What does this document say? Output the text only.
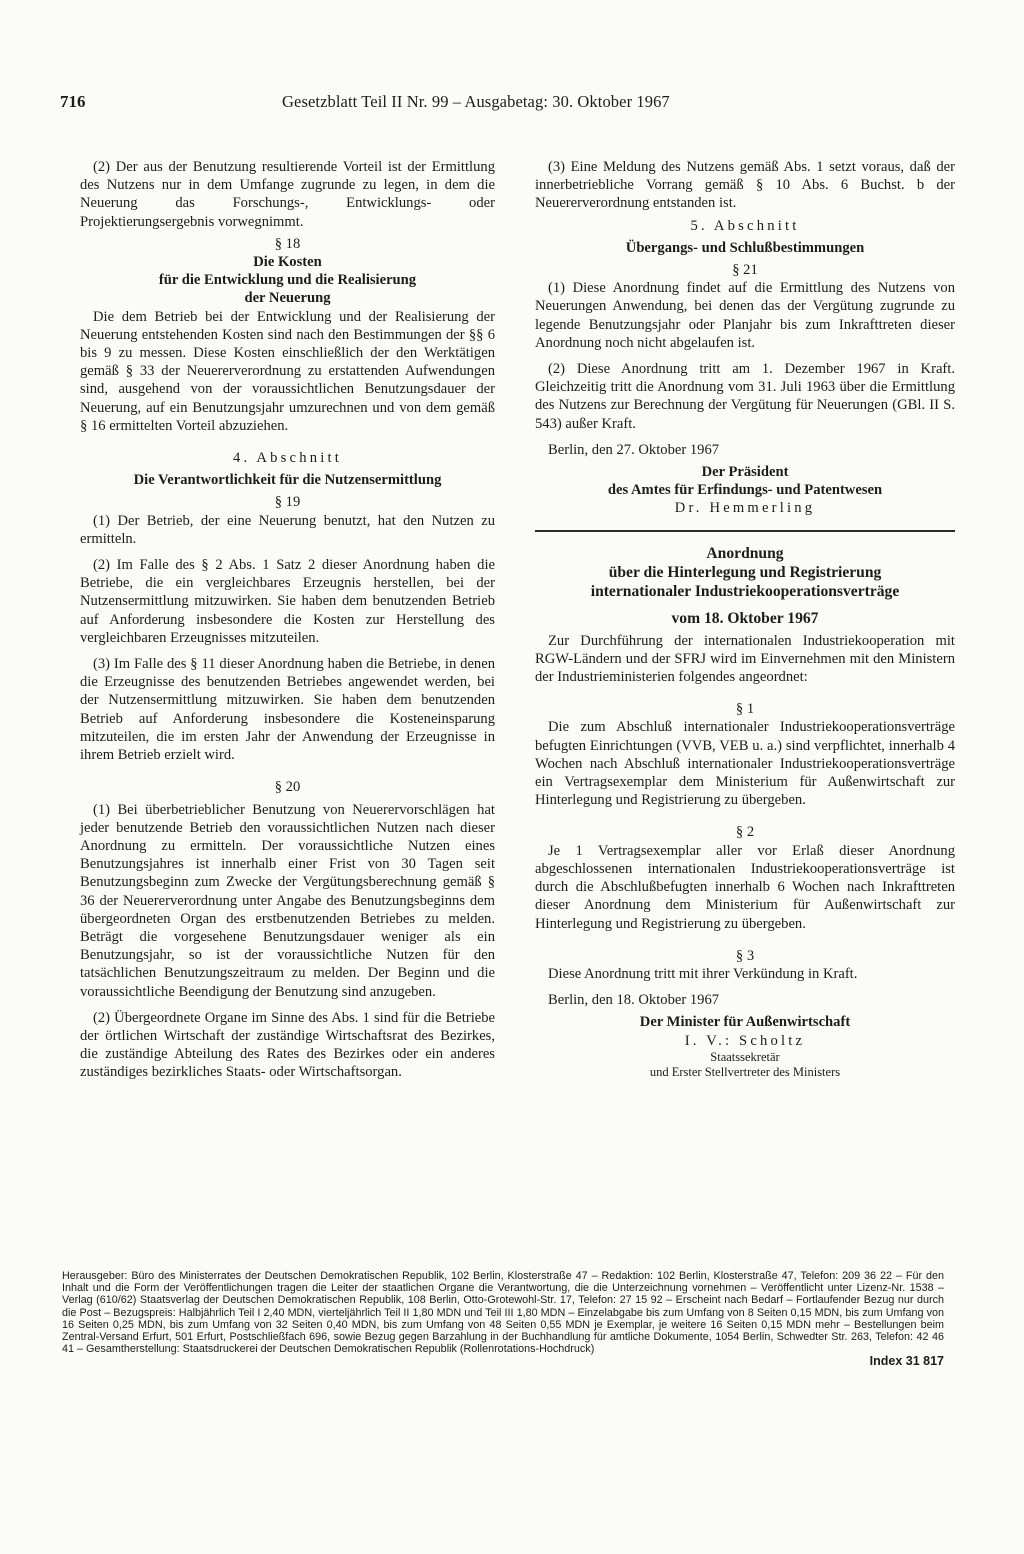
716	Gesetzblatt Teil II Nr. 99 – Ausgabetag: 30. Oktober 1967

(2) Der aus der Benutzung resultierende Vorteil ist der Ermittlung des Nutzens nur in dem Umfange zugrunde zu legen, in dem die Neuerung das Forschungs-, Entwicklungs- oder Projektierungsergebnis vorwegnimmt.

§ 18
Die Kosten
für die Entwicklung und die Realisierung
der Neuerung

Die dem Betrieb bei der Entwicklung und der Realisierung der Neuerung entstehenden Kosten sind nach den Bestimmungen der §§ 6 bis 9 zu messen. Diese Kosten einschließlich der den Werktätigen gemäß § 33 der Neuererverordnung zu erstattenden Aufwendungen sind, ausgehend von der voraussichtlichen Benutzungsdauer der Neuerung, auf ein Benutzungsjahr umzurechnen und von dem gemäß § 16 ermittelten Vorteil abzuziehen.

4. Abschnitt
Die Verantwortlichkeit für die Nutzensermittlung
§ 19

(1) Der Betrieb, der eine Neuerung benutzt, hat den Nutzen zu ermitteln.

(2) Im Falle des § 2 Abs. 1 Satz 2 dieser Anordnung haben die Betriebe, die ein vergleichbares Erzeugnis herstellen, bei der Nutzensermittlung mitzuwirken. Sie haben dem benutzenden Betrieb auf Anforderung insbesondere die Kosten zur Herstellung des vergleichbaren Erzeugnisses mitzuteilen.

(3) Im Falle des § 11 dieser Anordnung haben die Betriebe, in denen die Erzeugnisse des benutzenden Betriebes angewendet werden, bei der Nutzensermittlung mitzuwirken. Sie haben dem benutzenden Betrieb auf Anforderung insbesondere die Kosteneinsparung mitzuteilen, die im ersten Jahr der Anwendung der Erzeugnisse in ihrem Betrieb erzielt wird.

§ 20

(1) Bei überbetrieblicher Benutzung von Neuerervorschlägen hat jeder benutzende Betrieb den voraussichtlichen Nutzen nach dieser Anordnung zu ermitteln. Der voraussichtliche Nutzen eines Benutzungsjahres ist innerhalb einer Frist von 30 Tagen seit Benutzungsbeginn zum Zwecke der Vergütungsberechnung gemäß § 36 der Neuererverordnung unter Angabe des Benutzungsbeginns dem übergeordneten Organ des erstbenutzenden Betriebes zu melden. Beträgt die vorgesehene Benutzungsdauer weniger als ein Benutzungsjahr, so ist der voraussichtliche Nutzen für den tatsächlichen Benutzungszeitraum zu melden. Der Beginn und die voraussichtliche Beendigung der Benutzung sind anzugeben.

(2) Übergeordnete Organe im Sinne des Abs. 1 sind für die Betriebe der örtlichen Wirtschaft der zuständige Wirtschaftsrat des Bezirkes, die zuständige Abteilung des Rates des Bezirkes oder ein anderes zuständiges bezirkliches Staats- oder Wirtschaftsorgan.

(3) Eine Meldung des Nutzens gemäß Abs. 1 setzt voraus, daß der innerbetriebliche Vorrang gemäß § 10 Abs. 6 Buchst. b der Neuererverordnung entstanden ist.

5. Abschnitt
Übergangs- und Schlußbestimmungen
§ 21

(1) Diese Anordnung findet auf die Ermittlung des Nutzens von Neuerungen Anwendung, bei denen das der Vergütung zugrunde zu legende Benutzungsjahr oder Planjahr bis zum Inkrafttreten dieser Anordnung noch nicht abgelaufen ist.

(2) Diese Anordnung tritt am 1. Dezember 1967 in Kraft. Gleichzeitig tritt die Anordnung vom 31. Juli 1963 über die Ermittlung des Nutzens zur Berechnung der Vergütung für Neuerungen (GBl. II S. 543) außer Kraft.

Berlin, den 27. Oktober 1967

Der Präsident
des Amtes für Erfindungs- und Patentwesen
Dr. Hemmerling
Anordnung
über die Hinterlegung und Registrierung
internationaler Industriekooperationsverträge
vom 18. Oktober 1967

Zur Durchführung der internationalen Industriekooperation mit RGW-Ländern und der SFRJ wird im Einvernehmen mit den Ministern der Industrieministerien folgendes angeordnet:

§ 1

Die zum Abschluß internationaler Industriekooperationsverträge befugten Einrichtungen (VVB, VEB u. a.) sind verpflichtet, innerhalb 4 Wochen nach Abschluß internationaler Industriekooperationsverträge ein Vertragsexemplar dem Ministerium für Außenwirtschaft zur Hinterlegung und Registrierung zu übergeben.

§ 2

Je 1 Vertragsexemplar aller vor Erlaß dieser Anordnung abgeschlossenen internationalen Industriekooperationsverträge ist durch die Abschlußbefugten innerhalb 6 Wochen nach Inkrafttreten dieser Anordnung dem Ministerium für Außenwirtschaft zur Hinterlegung und Registrierung zu übergeben.

§ 3

Diese Anordnung tritt mit ihrer Verkündung in Kraft.

Berlin, den 18. Oktober 1967

Der Minister für Außenwirtschaft
I. V.: Scholtz
Staatssekretär
und Erster Stellvertreter des Ministers
Herausgeber: Büro des Ministerrates der Deutschen Demokratischen Republik, 102 Berlin, Klosterstraße 47 – Redaktion: 102 Berlin, Klosterstraße 47, Telefon: 209 36 22 – Für den Inhalt und die Form der Veröffentlichungen tragen die Leiter der staatlichen Organe die Verantwortung, die die Unterzeichnung vornehmen – Veröffentlicht unter Lizenz-Nr. 1538 – Verlag (610/62) Staatsverlag der Deutschen Demokratischen Republik, 108 Berlin, Otto-Grotewohl-Str. 17, Telefon: 27 15 92 – Erscheint nach Bedarf – Fortlaufender Bezug nur durch die Post – Bezugspreis: Halbjährlich Teil I 2,40 MDN, vierteljährlich Teil II 1,80 MDN und Teil III 1,80 MDN – Einzelabgabe bis zum Umfang von 8 Seiten 0,15 MDN, bis zum Umfang von 16 Seiten 0,25 MDN, bis zum Umfang von 32 Seiten 0,40 MDN, bis zum Umfang von 48 Seiten 0,55 MDN je Exemplar, je weitere 16 Seiten 0,15 MDN mehr – Bestellungen beim Zentral-Versand Erfurt, 501 Erfurt, Postschließfach 696, sowie Bezug gegen Barzahlung in der Buchhandlung für amtliche Dokumente, 1054 Berlin, Schwedter Str. 263, Telefon: 42 46 41 – Gesamtherstellung: Staatsdruckerei der Deutschen Demokratischen Republik (Rollenrotations-Hochdruck)
Index 31 817
